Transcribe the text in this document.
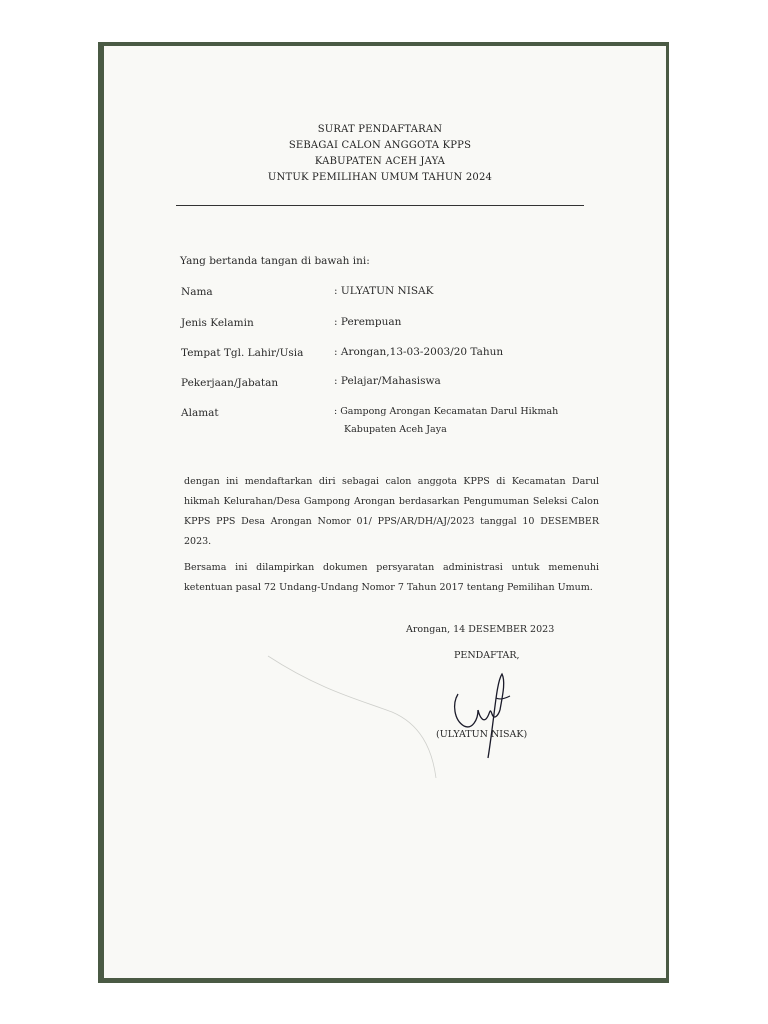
SURAT PENDAFTARAN
SEBAGAI CALON ANGGOTA KPPS
KABUPATEN ACEH JAYA
UNTUK PEMILIHAN UMUM TAHUN 2024
Yang bertanda tangan di bawah ini:
Nama	: ULYATUN NISAK
Jenis Kelamin	: Perempuan
Tempat Tgl. Lahir/Usia	: Arongan,13-03-2003/20 Tahun
Pekerjaan/Jabatan	: Pelajar/Mahasiswa
Alamat	: Gampong Arongan Kecamatan Darul Hikmah
Kabupaten Aceh Jaya
dengan ini mendaftarkan diri sebagai calon anggota KPPS di Kecamatan Darul hikmah Kelurahan/Desa Gampong Arongan berdasarkan Pengumuman Seleksi Calon KPPS PPS Desa Arongan Nomor 01/ PPS/AR/DH/AJ/2023 tanggal 10 DESEMBER 2023.
Bersama ini dilampirkan dokumen persyaratan administrasi untuk memenuhi ketentuan pasal 72 Undang-Undang Nomor 7 Tahun 2017 tentang Pemilihan Umum.
Arongan, 14 DESEMBER 2023
PENDAFTAR,
(ULYATUN NISAK)
